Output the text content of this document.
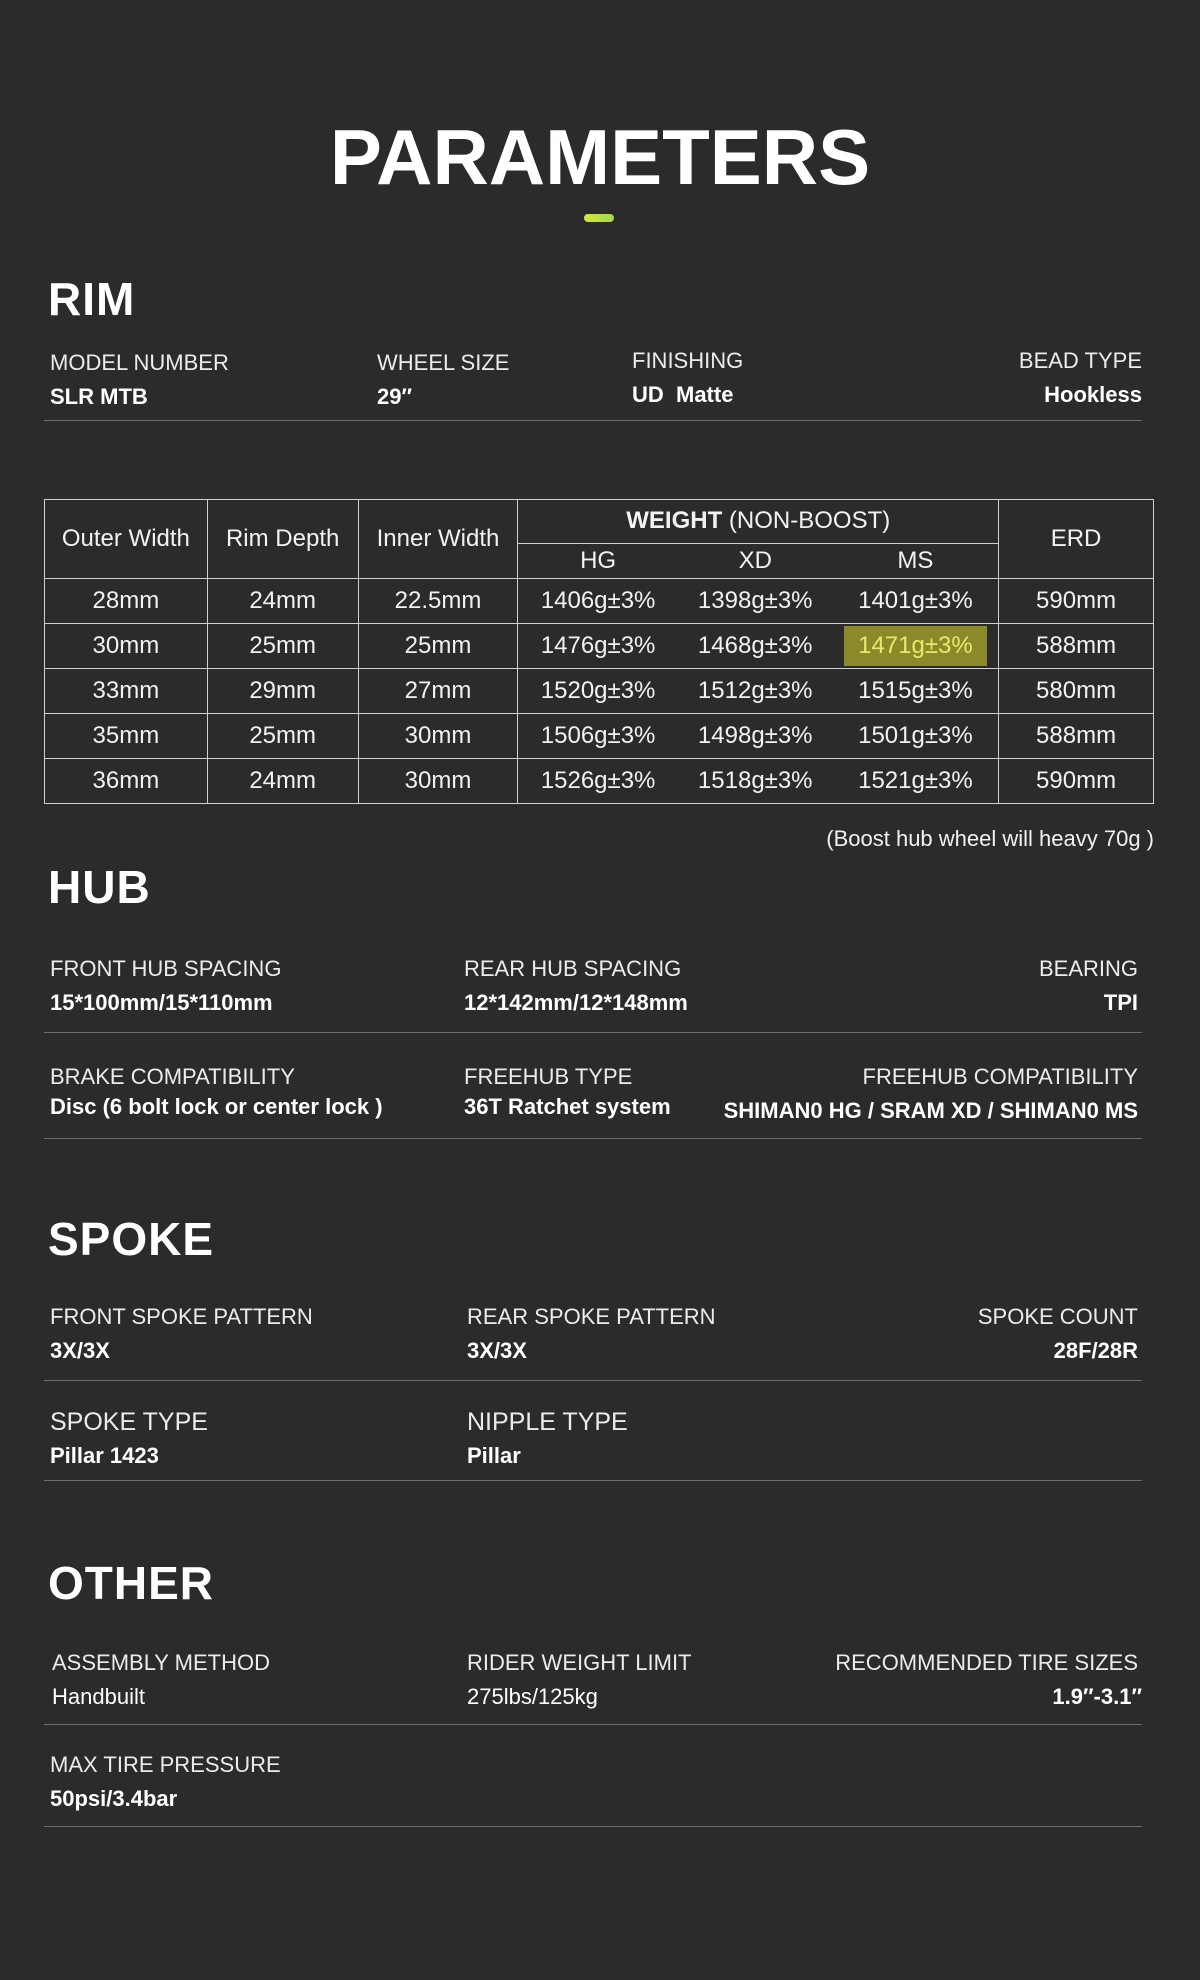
PARAMETERS
RIM
MODEL NUMBER
SLR MTB
WHEEL SIZE
29″
FINISHING
UD  Matte
BEAD TYPE
Hookless
Outer Width	Rim Depth	Inner Width	WEIGHT (NON-BOOST)			ERD
			HG	XD	MS	
28mm	24mm	22.5mm	1406g±3%	1398g±3%	1401g±3%	590mm
30mm	25mm	25mm	1476g±3%	1468g±3%	1471g±3%	588mm
33mm	29mm	27mm	1520g±3%	1512g±3%	1515g±3%	580mm
35mm	25mm	30mm	1506g±3%	1498g±3%	1501g±3%	588mm
36mm	24mm	30mm	1526g±3%	1518g±3%	1521g±3%	590mm
(Boost hub wheel will heavy 70g )
HUB
FRONT HUB SPACING
15*100mm/15*110mm
REAR HUB SPACING
12*142mm/12*148mm
BEARING
TPI
BRAKE COMPATIBILITY
Disc (6 bolt lock or center lock )
FREEHUB TYPE
36T Ratchet system
FREEHUB COMPATIBILITY
SHIMAN0 HG / SRAM XD / SHIMAN0 MS
SPOKE
FRONT SPOKE PATTERN
3X/3X
REAR SPOKE PATTERN
3X/3X
SPOKE COUNT
28F/28R
SPOKE TYPE
Pillar 1423
NIPPLE TYPE
Pillar
OTHER
ASSEMBLY METHOD
Handbuilt
RIDER WEIGHT LIMIT
275lbs/125kg
RECOMMENDED TIRE SIZES
1.9″-3.1″
MAX TIRE PRESSURE
50psi/3.4bar
